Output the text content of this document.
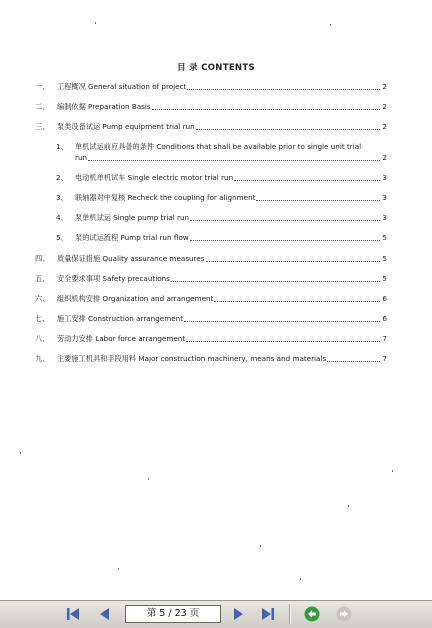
目 录 CONTENTS
一、	工程概况 General situation of project	2
二、	编制依据 Preparation Basis	2
三、	泵类设备试运 Pump equipment trial run	2
1、	单机试运前应具备的条件 Conditions that shall be available prior to single unit trial
run	2
2、	电动机单机试车 Single electric motor trial run	3
3、	联轴器对中复核 Recheck the coupling for alignment	3
4、	泵单机试运 Single pump trial run	3
5、	泵的试运流程 Pump trial run flow	5
四、	质量保证措施 Quality assurance measures	5
五、	安全要求事项 Safety precautions	5
六、	组织机构安排 Organization and arrangement	6
七、	施工安排 Construction arrangement	6
八、	劳动力安排 Labor force arrangement	7
九、	主要施工机具和手段用料 Major construction machinery, means and materials	7
第 5 / 23 页
